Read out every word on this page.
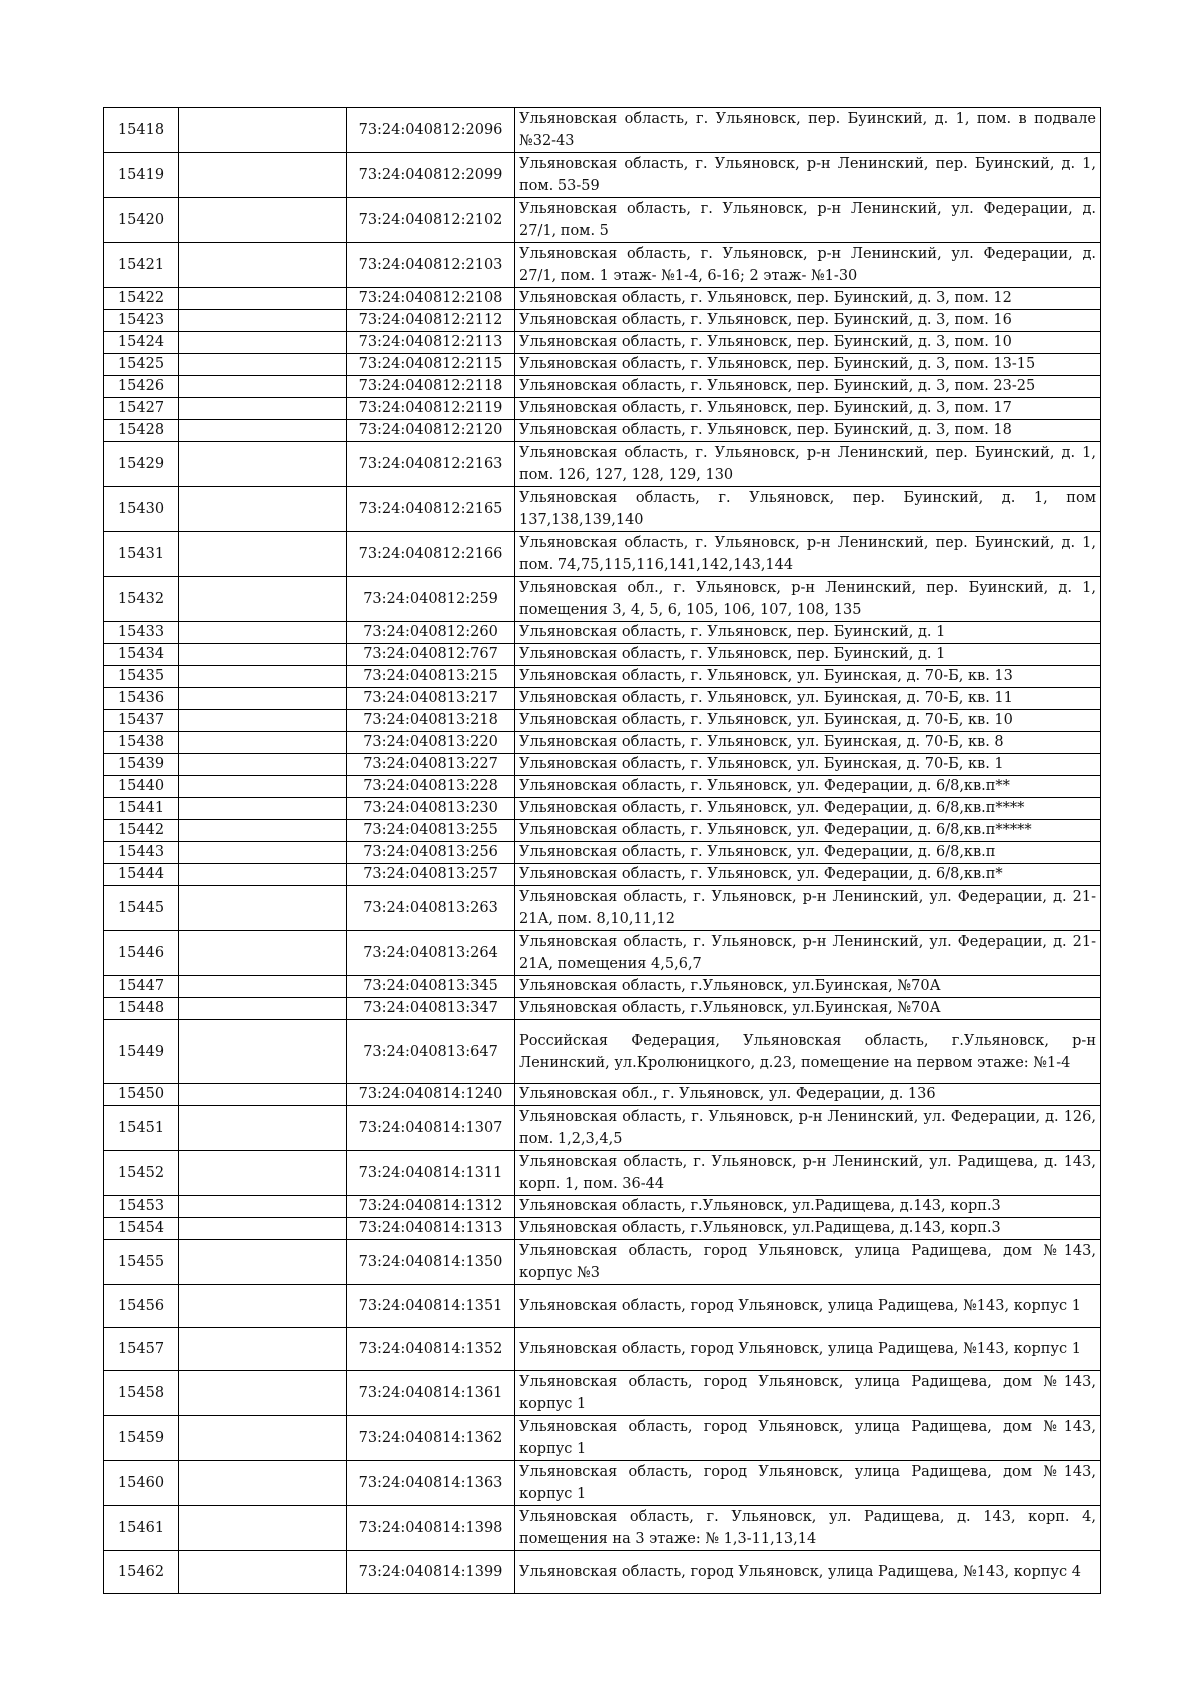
15418		73:24:040812:2096	Ульяновская область, г. Ульяновск, пер. Буинский, д. 1, пом. в подвале №32-43
15419		73:24:040812:2099	Ульяновская область, г. Ульяновск, р-н Ленинский, пер. Буинский, д. 1, пом. 53-59
15420		73:24:040812:2102	Ульяновская область, г. Ульяновск, р-н Ленинский, ул. Федерации, д. 27/1, пом. 5
15421		73:24:040812:2103	Ульяновская область, г. Ульяновск, р-н Ленинский, ул. Федерации, д. 27/1, пом. 1 этаж- №1-4, 6-16; 2 этаж- №1-30
15422		73:24:040812:2108	Ульяновская область, г. Ульяновск, пер. Буинский, д. 3, пом. 12
15423		73:24:040812:2112	Ульяновская область, г. Ульяновск, пер. Буинский, д. 3, пом. 16
15424		73:24:040812:2113	Ульяновская область, г. Ульяновск, пер. Буинский, д. 3, пом. 10
15425		73:24:040812:2115	Ульяновская область, г. Ульяновск, пер. Буинский, д. 3, пом. 13-15
15426		73:24:040812:2118	Ульяновская область, г. Ульяновск, пер. Буинский, д. 3, пом. 23-25
15427		73:24:040812:2119	Ульяновская область, г. Ульяновск, пер. Буинский, д. 3, пом. 17
15428		73:24:040812:2120	Ульяновская область, г. Ульяновск, пер. Буинский, д. 3, пом. 18
15429		73:24:040812:2163	Ульяновская область, г. Ульяновск, р-н Ленинский, пер. Буинский, д. 1, пом. 126, 127, 128, 129, 130
15430		73:24:040812:2165	Ульяновская область, г. Ульяновск, пер. Буинский, д. 1, пом 137,138,139,140
15431		73:24:040812:2166	Ульяновская область, г. Ульяновск, р-н Ленинский, пер. Буинский, д. 1, пом. 74,75,115,116,141,142,143,144
15432		73:24:040812:259	Ульяновская обл., г. Ульяновск, р-н Ленинский, пер. Буинский, д. 1, помещения 3, 4, 5, 6, 105, 106, 107, 108, 135
15433		73:24:040812:260	Ульяновская область, г. Ульяновск, пер. Буинский, д. 1
15434		73:24:040812:767	Ульяновская область, г. Ульяновск, пер. Буинский, д. 1
15435		73:24:040813:215	Ульяновская область, г. Ульяновск, ул. Буинская, д. 70-Б, кв. 13
15436		73:24:040813:217	Ульяновская область, г. Ульяновск, ул. Буинская, д. 70-Б, кв. 11
15437		73:24:040813:218	Ульяновская область, г. Ульяновск, ул. Буинская, д. 70-Б, кв. 10
15438		73:24:040813:220	Ульяновская область, г. Ульяновск, ул. Буинская, д. 70-Б, кв. 8
15439		73:24:040813:227	Ульяновская область, г. Ульяновск, ул. Буинская, д. 70-Б, кв. 1
15440		73:24:040813:228	Ульяновская область, г. Ульяновск, ул. Федерации, д. 6/8,кв.п**
15441		73:24:040813:230	Ульяновская область, г. Ульяновск, ул. Федерации, д. 6/8,кв.п****
15442		73:24:040813:255	Ульяновская область, г. Ульяновск, ул. Федерации, д. 6/8,кв.п*****
15443		73:24:040813:256	Ульяновская область, г. Ульяновск, ул. Федерации, д. 6/8,кв.п
15444		73:24:040813:257	Ульяновская область, г. Ульяновск, ул. Федерации, д. 6/8,кв.п*
15445		73:24:040813:263	Ульяновская область, г. Ульяновск, р-н Ленинский, ул. Федерации, д. 21-21А, пом. 8,10,11,12
15446		73:24:040813:264	Ульяновская область, г. Ульяновск, р-н Ленинский, ул. Федерации, д. 21-21А, помещения 4,5,6,7
15447		73:24:040813:345	Ульяновская область, г.Ульяновск, ул.Буинская, №70А
15448		73:24:040813:347	Ульяновская область, г.Ульяновск, ул.Буинская, №70А
15449		73:24:040813:647	Российская Федерация, Ульяновская область, г.Ульяновск, р-н Ленинский, ул.Кролюницкого, д.23, помещение на первом этаже: №1-4
15450		73:24:040814:1240	Ульяновская обл., г. Ульяновск, ул. Федерации, д. 136
15451		73:24:040814:1307	Ульяновская область, г. Ульяновск, р-н Ленинский, ул. Федерации, д. 126, пом. 1,2,3,4,5
15452		73:24:040814:1311	Ульяновская область, г. Ульяновск, р-н Ленинский, ул. Радищева, д. 143, корп. 1, пом. 36-44
15453		73:24:040814:1312	Ульяновская область, г.Ульяновск, ул.Радищева, д.143, корп.3
15454		73:24:040814:1313	Ульяновская область, г.Ульяновск, ул.Радищева, д.143, корп.3
15455		73:24:040814:1350	Ульяновская область, город Ульяновск, улица Радищева, дом №143, корпус №3
15456		73:24:040814:1351	Ульяновская область, город Ульяновск, улица Радищева, №143, корпус 1
15457		73:24:040814:1352	Ульяновская область, город Ульяновск, улица Радищева, №143, корпус 1
15458		73:24:040814:1361	Ульяновская область, город Ульяновск, улица Радищева, дом №143, корпус 1
15459		73:24:040814:1362	Ульяновская область, город Ульяновск, улица Радищева, дом №143, корпус 1
15460		73:24:040814:1363	Ульяновская область, город Ульяновск, улица Радищева, дом №143, корпус 1
15461		73:24:040814:1398	Ульяновская область, г. Ульяновск, ул. Радищева, д. 143, корп. 4, помещения на 3 этаже: № 1,3-11,13,14
15462		73:24:040814:1399	Ульяновская область, город Ульяновск, улица Радищева, №143, корпус 4
